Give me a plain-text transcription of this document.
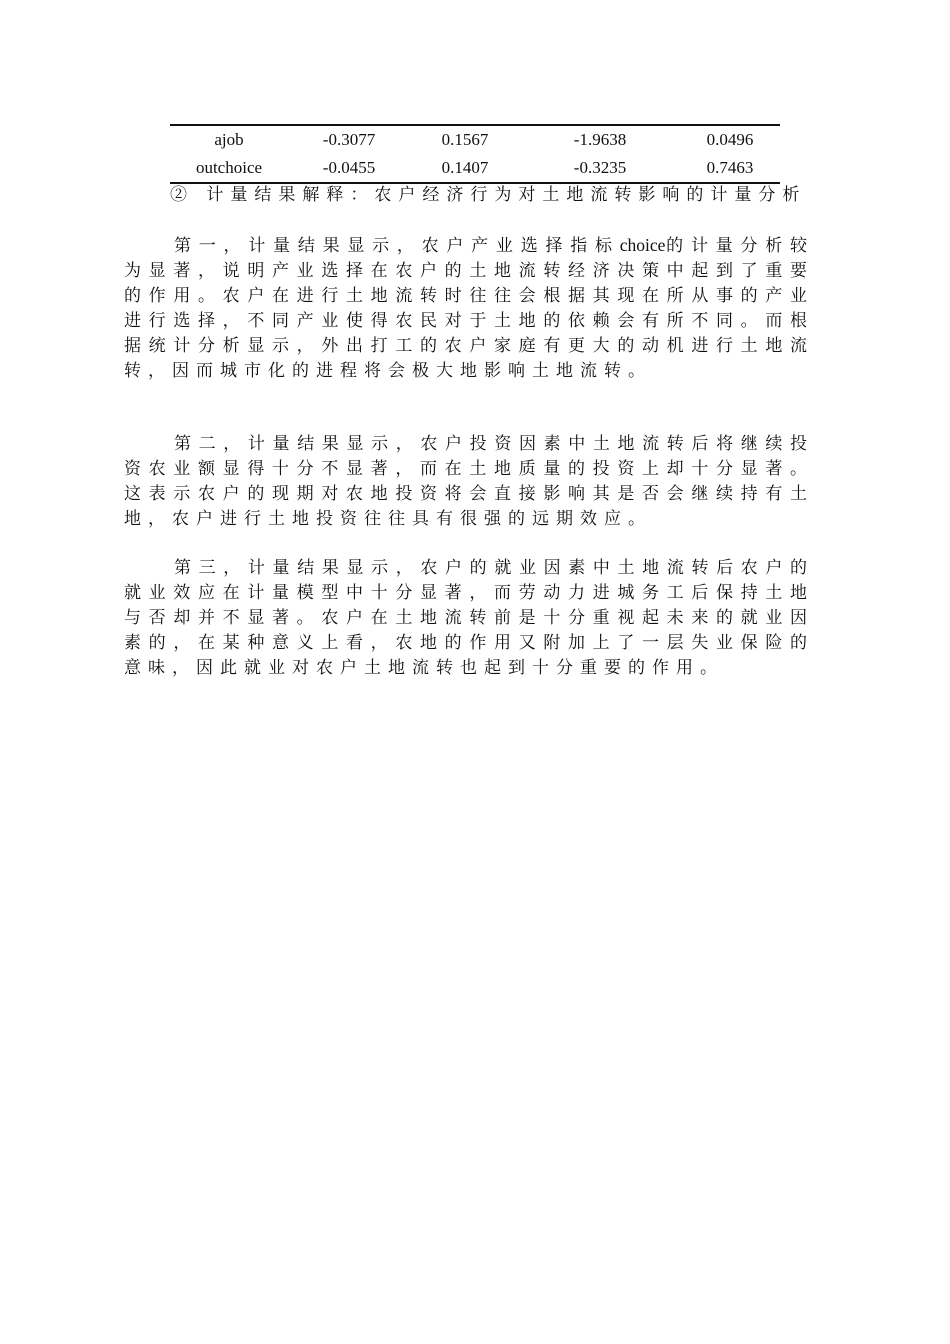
ajob	-0.3077	0.1567	-1.9638	0.0496
outchoice	-0.0455	0.1407	-0.3235	0.7463

② 计量结果解释：农户经济行为对土地流转影响的计量分析

第一，计量结果显示，农户产业选择指标choice的计量分析较为显著，说明产业选择在农户的土地流转经济决策中起到了重要的作用。农户在进行土地流转时往往会根据其现在所从事的产业进行选择，不同产业使得农民对于土地的依赖会有所不同。而根据统计分析显示，外出打工的农户家庭有更大的动机进行土地流转，因而城市化的进程将会极大地影响土地流转。

第二，计量结果显示，农户投资因素中土地流转后将继续投资农业额显得十分不显著，而在土地质量的投资上却十分显著。这表示农户的现期对农地投资将会直接影响其是否会继续持有土地，农户进行土地投资往往具有很强的远期效应。

第三，计量结果显示，农户的就业因素中土地流转后农户的就业效应在计量模型中十分显著，而劳动力进城务工后保持土地与否却并不显著。农户在土地流转前是十分重视起未来的就业因素的，在某种意义上看，农地的作用又附加上了一层失业保险的意味，因此就业对农户土地流转也起到十分重要的作用。
